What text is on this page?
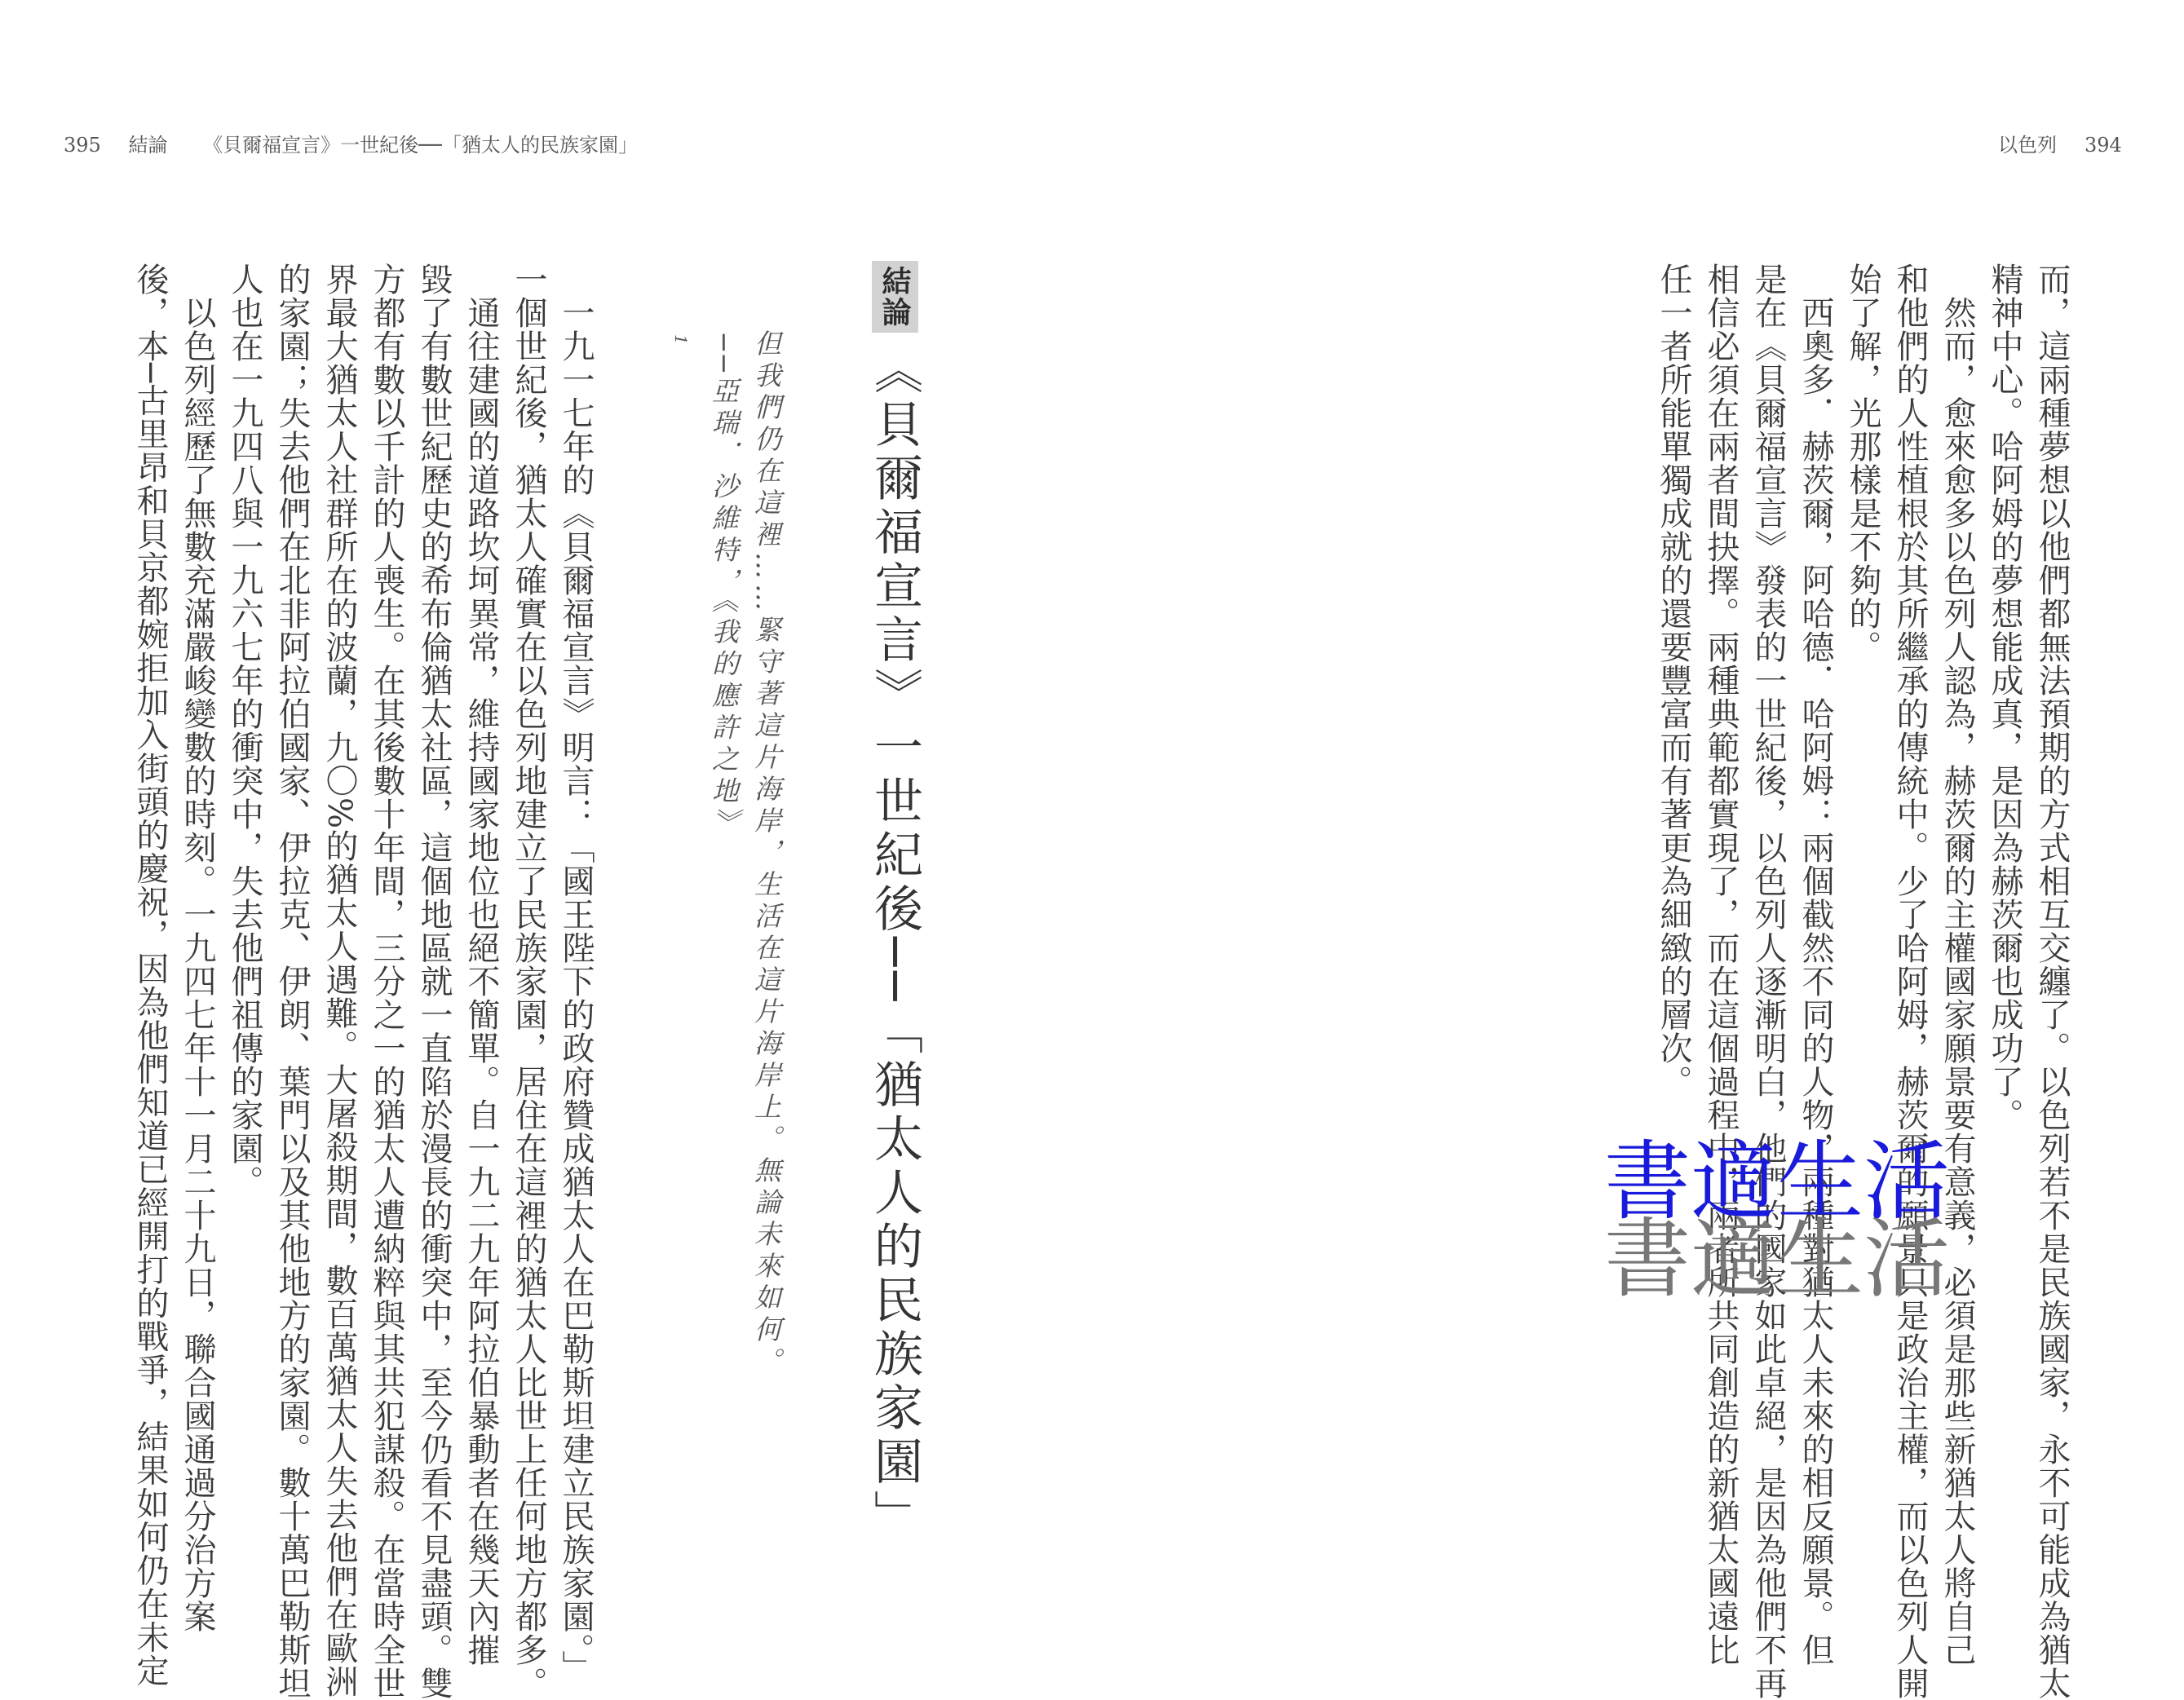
395 結論 《貝爾福宣言》一世紀後──「猶太人的民族家園」	以色列 394
而，這兩種夢想以他們都無法預期的方式相互交纏了。以色列若不是民族國家，永不可能成為猶太
精神中心。哈阿姆的夢想能成真，是因為赫茨爾也成功了。
　然而，愈來愈多以色列人認為，赫茨爾的主權國家願景要有意義，必須是那些新猶太人將自己
和他們的人性植根於其所繼承的傳統中。少了哈阿姆，赫茨爾的願景只是政治主權，而以色列人開
始了解，光那樣是不夠的。
　西奧多．赫茨爾，阿哈德．哈阿姆：兩個截然不同的人物，兩種對猶太人未來的相反願景。但
是在《貝爾福宣言》發表的一世紀後，以色列人逐漸明白，他們的國家如此卓絕，是因為他們不再
相信必須在兩者間抉擇。兩種典範都實現了，而在這個過程中，兩者所共同創造的新猶太國遠比
任一者所能單獨成就的還要豐富而有著更為細緻的層次。
結論 《貝爾福宣言》一世紀後──「猶太人的民族家園」
但我們仍在這裡……緊守著這片海岸，生活在這片海岸上。無論未來如何。
──亞瑞．沙維特，《我的應許之地》
1
　一九一七年的《貝爾福宣言》明言：「國王陛下的政府贊成猶太人在巴勒斯坦建立民族家園。」
一個世紀後，猶太人確實在以色列地建立了民族家園，居住在這裡的猶太人比世上任何地方都多。
　通往建國的道路坎坷異常，維持國家地位也絕不簡單。自一九二九年阿拉伯暴動者在幾天內摧
毀了有數世紀歷史的希布倫猶太社區，這個地區就一直陷於漫長的衝突中，至今仍看不見盡頭。雙
方都有數以千計的人喪生。在其後數十年間，三分之一的猶太人遭納粹與其共犯謀殺。在當時全世
界最大猶太人社群所在的波蘭，九〇%的猶太人遇難。大屠殺期間，數百萬猶太人失去他們在歐洲
的家園；失去他們在北非阿拉伯國家、伊拉克、伊朗、葉門以及其他地方的家園。數十萬巴勒斯坦
人也在一九四八與一九六七年的衝突中，失去他們祖傳的家園。
　以色列經歷了無數充滿嚴峻變數的時刻。一九四七年十一月二十九日，聯合國通過分治方案
後，本─古里昂和貝京都婉拒加入街頭的慶祝，因為他們知道已經開打的戰爭，結果如何仍在未定	書適生活
書適生活
